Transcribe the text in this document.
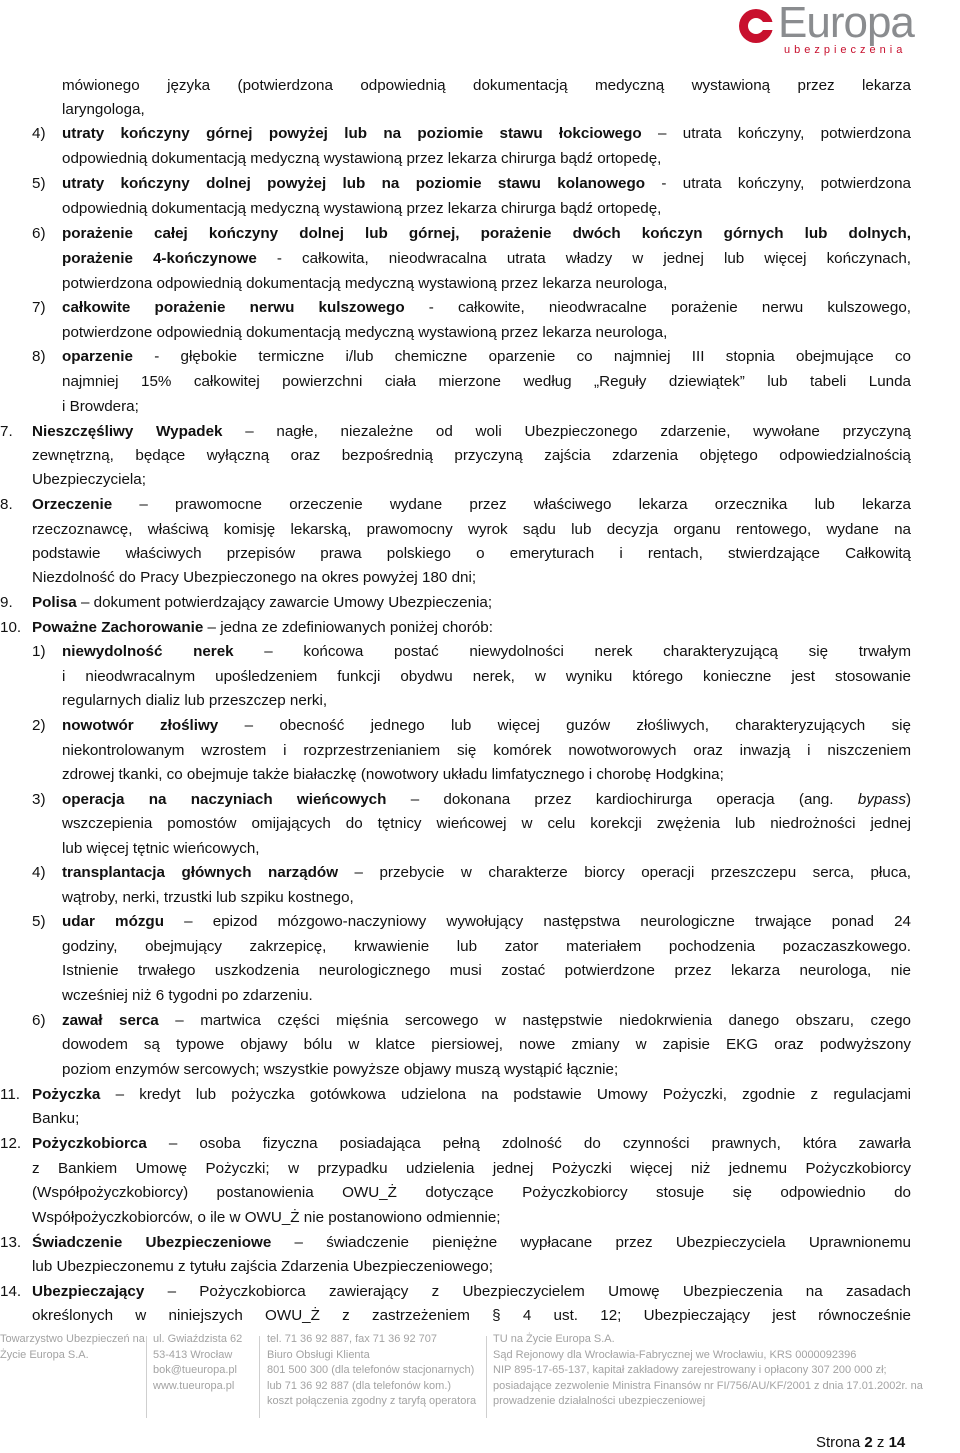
Europa
ubezpieczenia
mówionego języka (potwierdzona odpowiednią dokumentacją medyczną wystawioną przez lekarza
laryngologa,
4) utraty kończyny górnej powyżej lub na poziomie stawu łokciowego – utrata kończyny, potwierdzona
odpowiednią dokumentacją medyczną wystawioną przez lekarza chirurga bądź ortopedę,
5) utraty kończyny dolnej powyżej lub na poziomie stawu kolanowego - utrata kończyny, potwierdzona
odpowiednią dokumentacją medyczną wystawioną przez lekarza chirurga bądź ortopedę,
6) porażenie całej kończyny dolnej lub górnej, porażenie dwóch kończyn górnych lub dolnych,
porażenie 4-kończynowe - całkowita, nieodwracalna utrata władzy w jednej lub więcej kończynach,
potwierdzona odpowiednią dokumentacją medyczną wystawioną przez lekarza neurologa,
7) całkowite porażenie nerwu kulszowego - całkowite, nieodwracalne porażenie nerwu kulszowego,
potwierdzone odpowiednią dokumentacją medyczną wystawioną przez lekarza neurologa,
8) oparzenie - głębokie termiczne i/lub chemiczne oparzenie co najmniej III stopnia obejmujące co
najmniej 15% całkowitej powierzchni ciała mierzone według „Reguły dziewiątek” lub tabeli Lunda
i Browdera;
7. Nieszczęśliwy Wypadek – nagłe, niezależne od woli Ubezpieczonego zdarzenie, wywołane przyczyną
zewnętrzną, będące wyłączną oraz bezpośrednią przyczyną zajścia zdarzenia objętego odpowiedzialnością
Ubezpieczyciela;
8. Orzeczenie – prawomocne orzeczenie wydane przez właściwego lekarza orzecznika lub lekarza
rzeczoznawcę, właściwą komisję lekarską, prawomocny wyrok sądu lub decyzja organu rentowego, wydane na
podstawie właściwych przepisów prawa polskiego o emeryturach i rentach, stwierdzające Całkowitą
Niezdolność do Pracy Ubezpieczonego na okres powyżej 180 dni;
9. Polisa – dokument potwierdzający zawarcie Umowy Ubezpieczenia;
10. Poważne Zachorowanie – jedna ze zdefiniowanych poniżej chorób:
1) niewydolność nerek – końcowa postać niewydolności nerek charakteryzującą się trwałym
i nieodwracalnym upośledzeniem funkcji obydwu nerek, w wyniku którego konieczne jest stosowanie
regularnych dializ lub przeszczep nerki,
2) nowotwór złośliwy – obecność jednego lub więcej guzów złośliwych, charakteryzujących się
niekontrolowanym wzrostem i rozprzestrzenianiem się komórek nowotworowych oraz inwazją i niszczeniem
zdrowej tkanki, co obejmuje także białaczkę (nowotwory układu limfatycznego i chorobę Hodgkina;
3) operacja na naczyniach wieńcowych – dokonana przez kardiochirurga operacja (ang. bypass)
wszczepienia pomostów omijających do tętnicy wieńcowej w celu korekcji zwężenia lub niedrożności jednej
lub więcej tętnic wieńcowych,
4) transplantacja głównych narządów – przebycie w charakterze biorcy operacji przeszczepu serca, płuca,
wątroby, nerki, trzustki lub szpiku kostnego,
5) udar mózgu – epizod mózgowo-naczyniowy wywołujący następstwa neurologiczne trwające ponad 24
godziny, obejmujący zakrzepicę, krwawienie lub zator materiałem pochodzenia pozaczaszkowego.
Istnienie trwałego uszkodzenia neurologicznego musi zostać potwierdzone przez lekarza neurologa, nie
wcześniej niż 6 tygodni po zdarzeniu.
6) zawał serca – martwica części mięśnia sercowego w następstwie niedokrwienia danego obszaru, czego
dowodem są typowe objawy bólu w klatce piersiowej, nowe zmiany w zapisie EKG oraz podwyższony
poziom enzymów sercowych; wszystkie powyższe objawy muszą wystąpić łącznie;
11. Pożyczka – kredyt lub pożyczka gotówkowa udzielona na podstawie Umowy Pożyczki, zgodnie z regulacjami
Banku;
12. Pożyczkobiorca – osoba fizyczna posiadająca pełną zdolność do czynności prawnych, która zawarła
z Bankiem Umowę Pożyczki; w przypadku udzielenia jednej Pożyczki więcej niż jednemu Pożyczkobiorcy
(Współpożyczkobiorcy) postanowienia OWU_Ż dotyczące Pożyczkobiorcy stosuje się odpowiednio do
Współpożyczkobiorców, o ile w OWU_Ż nie postanowiono odmiennie;
13. Świadczenie Ubezpieczeniowe – świadczenie pieniężne wypłacane przez Ubezpieczyciela Uprawnionemu
lub Ubezpieczonemu z tytułu zajścia Zdarzenia Ubezpieczeniowego;
14. Ubezpieczający – Pożyczkobiorca zawierający z Ubezpieczycielem Umowę Ubezpieczenia na zasadach
określonych w niniejszych OWU_Ż z zastrzeżeniem § 4 ust. 12; Ubezpieczający jest równocześnie
Towarzystwo Ubezpieczeń na
Życie Europa S.A.
ul. Gwiaździsta 62
53-413 Wrocław
bok@tueuropa.pl
www.tueuropa.pl
tel. 71 36 92 887, fax 71 36 92 707
Biuro Obsługi Klienta
801 500 300 (dla telefonów stacjonarnych)
lub 71 36 92 887 (dla telefonów kom.)
koszt połączenia zgodny z taryfą operatora
TU na Życie Europa S.A.
Sąd Rejonowy dla Wrocławia-Fabrycznej we Wrocławiu, KRS 0000092396
NIP 895-17-65-137, kapitał zakładowy zarejestrowany i opłacony 307 200 000 zł;
posiadające zezwolenie Ministra Finansów nr FI/756/AU/KF/2001 z dnia 17.01.2002r. na
prowadzenie działalności ubezpieczeniowej
Strona 2 z 14
